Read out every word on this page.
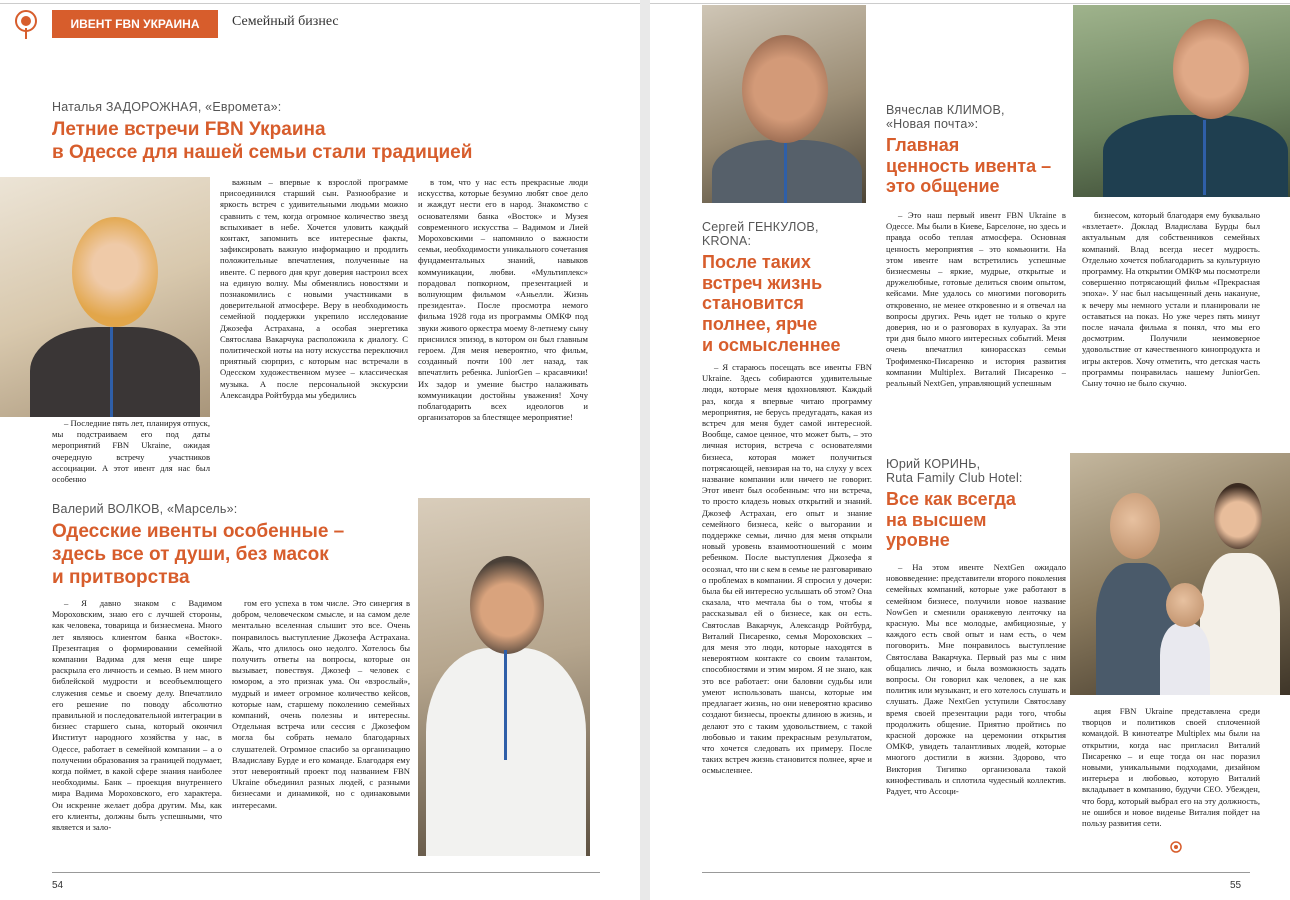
ИВЕНТ FBN УКРАИНА	Семейный бизнес
Наталья ЗАДОРОЖНАЯ, «Еврометa»:
Летние встречи FBN Украина
в Одессе для нашей семьи стали традицией

– Последние пять лет, планируя отпуск, мы подстраиваем его под даты мероприятий FBN Ukraine, ожидая очередную встречу участников ассоциации. А этот ивент для нас был особенно

важным – впервые к взрослой программе присоединился старший сын. Разнообразие и яркость встреч с удивительными людьми можно сравнить с тем, когда огромное количество звезд вспыхивает в небе. Хочется уловить каждый контакт, запомнить все интересные факты, зафиксировать важную информацию и продлить положительные впечатления, полученные на ивенте. С первого дня круг доверия настроил всех на единую волну. Мы обменялись новостями и познакомились с новыми участниками в доверительной атмосфере. Веру в необходимость семейной поддержки укрепило исследование Джозефа Астрахана, а особая энергетика Святослава Вакарчука расположила к диалогу. С политической ноты на ноту искусства переключил приятный сюрприз, с которым нас встречали в Одесском художественном музее – классическая музыка. А после персональной экскурсии Александра Ройтбурда мы убедились

в том, что у нас есть прекрасные люди искусства, которые безумно любят свое дело и жаждут нести его в народ. Знакомство с основателями банка «Восток» и Музея современного искусства – Вадимом и Лией Мороховскими – напомнило о важности семьи, необходимости уникального сочетания фундаментальных знаний, навыков коммуникации, любви. «Мультиплекс» порадовал попкорном, презентацией и волнующим фильмом «Аньелли. Жизнь президента». После просмотра немого фильма 1928 года из программы ОМКФ под звуки живого оркестра моему 8-летнему сыну приснился эпизод, в котором он был главным героем. Для меня невероятно, что фильм, созданный почти 100 лет назад, так впечатлить ребенка. JuniorGen – красавчики! Их задор и умение быстро налаживать коммуникации достойны уважения! Хочу поблагодарить всех идеологов и организаторов за блестящее мероприятие!

Валерий ВОЛКОВ, «Марсель»:
Одесские ивенты особенные –
здесь все от души, без масок
и притворства

– Я давно знаком с Вадимом Мороховским, знаю его с лучшей стороны, как человека, товарища и бизнесмена. Много лет являюсь клиентом банка «Восток». Презентация о формировании семейной компании Вадима для меня еще шире раскрыла его личность и семью. В нем много библейской мудрости и всеобъемлющего служения семье и своему делу. Впечатлило его решение по поводу абсолютно правильной и последовательной интеграции в бизнес старшего сына, который окончил Институт народного хозяйства у нас, в Одессе, работает в семейной компании – а о получении образования за границей подумает, когда поймет, в какой сфере знания наиболее необходимы. Банк – проекция внутреннего мира Вадима Мороховского, его характера. Он искренне желает добра другим. Мы, как его клиенты, должны быть успешными, что является и зало-

гом его успеха в том числе. Это синергия в добром, человеческом смысле, и на самом деле ментально вселенная слышит это все. Очень понравилось выступление Джозефа Астрахана. Жаль, что длилось оно недолго. Хотелось бы получить ответы на вопросы, которые он вызывает, повествуя. Джозеф – человек с юмором, а это признак ума. Он «взрослый», мудрый и имеет огромное количество кейсов, которые нам, старшему поколению семейных компаний, очень полезны и интересны. Отдельная встреча или сессия с Джозефом могла бы собрать немало благодарных слушателей. Огромное спасибо за организацию Владиславу Бурде и его команде. Благодаря ему этот невероятный проект под названием FBN Ukraine объединил разных людей, с разными бизнесами и динамикой, но с одинаковыми интересами.

54
Сергей ГЕНКУЛОВ,
KRONA:
После таких
встреч жизнь
становится
полнее, ярче
и осмысленнее

– Я стараюсь посещать все ивенты FBN Ukraine. Здесь собираются удивительные люди, которые меня вдохновляют. Каждый раз, когда я впервые читаю программу мероприятия, не берусь предугадать, какая из встреч для меня будет самой интересной. Вообще, самое ценное, что может быть, – это личная история, встреча с основателями бизнеса, которая может получиться потрясающей, невзирая на то, на слуху у всех название компании или ничего не говорит. Этот ивент был особенным: что ни встреча, то просто кладезь новых открытий и знаний. Джозеф Астрахан, его опыт и знание семейного бизнеса, кейс о выгорании и поддержке семьи, лично для меня открыли новый уровень взаимоотношений с моим ребенком. После выступления Джозефа я осознал, что ни с кем в семье не разговариваю о проблемах в компании. Я спросил у дочери: была бы ей интересно услышать об этом? Она сказала, что мечтала бы о том, чтобы я рассказывал ей о бизнесе, как он есть. Святослав Вакарчук, Александр Ройтбурд, Виталий Писаренко, семья Мороховских – для меня это люди, которые находятся в невероятном контакте со своим талантом, способностями и этим миром. Я не знаю, как это все работает: они баловни судьбы или умеют использовать шансы, которые им предлагает жизнь, но они невероятно красиво создают бизнесы, проекты длиною в жизнь, и делают это с таким удовольствием, с такой любовью и таким прекрасным результатом, что хочется следовать их примеру. После таких встреч жизнь становится полнее, ярче и осмысленнее.

Вячеслав КЛИМОВ,
«Новая почта»:
Главная
ценность ивента –
это общение

– Это наш первый ивент FBN Ukraine в Одессе. Мы были в Киеве, Барселоне, но здесь и правда особо теплая атмосфера. Основная ценность мероприятия – это комьюнити. На этом ивенте нам встретились успешные бизнесмены – яркие, мудрые, открытые и дружелюбные, готовые делиться своим опытом, кейсами. Мне удалось со многими поговорить откровенно, не менее откровенно и я отвечал на вопросы других. Речь идет не только о круге доверия, но и о разговорах в кулуарах. За эти три дня было много интересных событий. Меня очень впечатлил кинорассказ семьи Трофименко-Писаренко и история развития компании Multiplex. Виталий Писаренко – реальный NextGen, управляющий успешным

бизнесом, который благодаря ему буквально «взлетает». Доклад Владислава Бурды был актуальным для собственников семейных компаний. Влад всегда несет мудрость. Отдельно хочется поблагодарить за культурную программу. На открытии ОМКФ мы посмотрели совершенно потрясающий фильм «Прекрасная эпоха». У нас был насыщенный день накануне, к вечеру мы немного устали и планировали не оставаться на показ. Но уже через пять минут после начала фильма я понял, что мы его досмотрим. Получили неимоверное удовольствие от качественного кинопродукта и игры актеров. Хочу отметить, что детская часть программы понравилась нашему JuniorGen. Сыну точно не было скучно.

Юрий КОРИНЬ,
Ruta Family Club Hotel:
Все как всегда
на высшем
уровне

– На этом ивенте NextGen ожидало нововведение: представители второго поколения семейных компаний, которые уже работают в семейном бизнесе, получили новое название NowGen и сменили оранжевую ленточку на красную. Мы все молодые, амбициозные, у каждого есть свой опыт и нам есть, о чем поговорить. Мне понравилось выступление Святослава Вакарчука. Первый раз мы с ним общались лично, и была возможность задать вопросы. Он говорил как человек, а не как политик или музыкант, и его хотелось слушать и слушать. Даже NextGen уступили Святославу время своей презентации ради того, чтобы продолжить общение. Приятно пройтись по красной дорожке на церемонии открытия ОМКФ, увидеть талантливых людей, которые многого достигли в жизни. Здорово, что Виктория Тигипко организовала такой кинофестиваль и сплотила чудесный коллектив. Радует, что Ассоци-

ация FBN Ukraine представлена среди творцов и политиков своей сплоченной командой. В кинотеатре Multiplex мы были на открытии, когда нас пригласил Виталий Писаренко – и еще тогда он нас поразил новыми, уникальными подходами, дизайном интерьера и любовью, которую Виталий вкладывает в компанию, будучи СЕО. Убежден, что борд, который выбрал его на эту должность, не ошибся и новое виденье Виталия пойдет на пользу развития сети.

55
